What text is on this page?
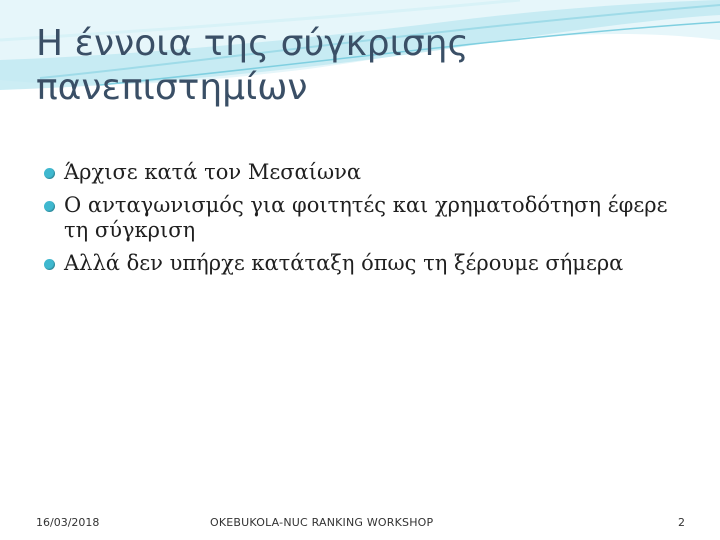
Η έννοια της σύγκρισης
πανεπιστημίων
Άρχισε κατά τον Μεσαίωνα
Ο ανταγωνισμός για φοιτητές και χρηματοδότηση έφερε τη σύγκριση
Αλλά δεν υπήρχε κατάταξη όπως τη ξέρουμε σήμερα
16/03/2018	OKEBUKOLA-NUC RANKING WORKSHOP	2
